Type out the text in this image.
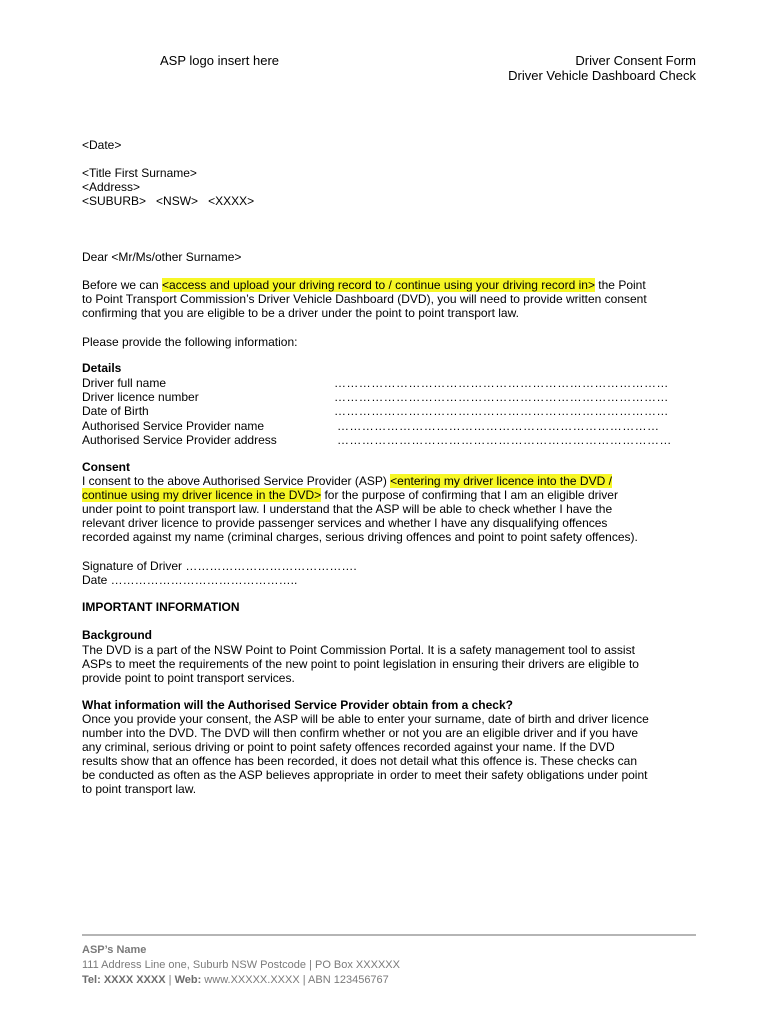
ASP logo insert here	Driver Consent Form
Driver Vehicle Dashboard Check
<Date>
<Title First Surname>
<Address>
<SUBURB> <NSW> <XXXX>
Dear <Mr/Ms/other Surname>
Before we can <access and upload your driving record to / continue using your driving record in> the Point
to Point Transport Commission’s Driver Vehicle Dashboard (DVD), you will need to provide written consent
confirming that you are eligible to be a driver under the point to point transport law.
Please provide the following information:
Details
Driver full name	………………………………………………………………………
Driver licence number	………………………………………………………………………
Date of Birth	………………………………………………………………………
Authorised Service Provider name	……………………………………………………………………
Authorised Service Provider address	………………………………………………………………………
Consent
I consent to the above Authorised Service Provider (ASP) <entering my driver licence into the DVD /
continue using my driver licence in the DVD> for the purpose of confirming that I am an eligible driver
under point to point transport law. I understand that the ASP will be able to check whether I have the
relevant driver licence to provide passenger services and whether I have any disqualifying offences
recorded against my name (criminal charges, serious driving offences and point to point safety offences).
Signature of Driver …………………………………….
Date ………………………………………..
IMPORTANT INFORMATION
Background
The DVD is a part of the NSW Point to Point Commission Portal. It is a safety management tool to assist
ASPs to meet the requirements of the new point to point legislation in ensuring their drivers are eligible to
provide point to point transport services.
What information will the Authorised Service Provider obtain from a check?
Once you provide your consent, the ASP will be able to enter your surname, date of birth and driver licence
number into the DVD. The DVD will then confirm whether or not you are an eligible driver and if you have
any criminal, serious driving or point to point safety offences recorded against your name. If the DVD
results show that an offence has been recorded, it does not detail what this offence is. These checks can
be conducted as often as the ASP believes appropriate in order to meet their safety obligations under point
to point transport law.
ASP’s Name
111 Address Line one, Suburb NSW Postcode | PO Box XXXXXX
Tel: XXXX XXXX | Web: www.XXXXX.XXXX | ABN 123456767
